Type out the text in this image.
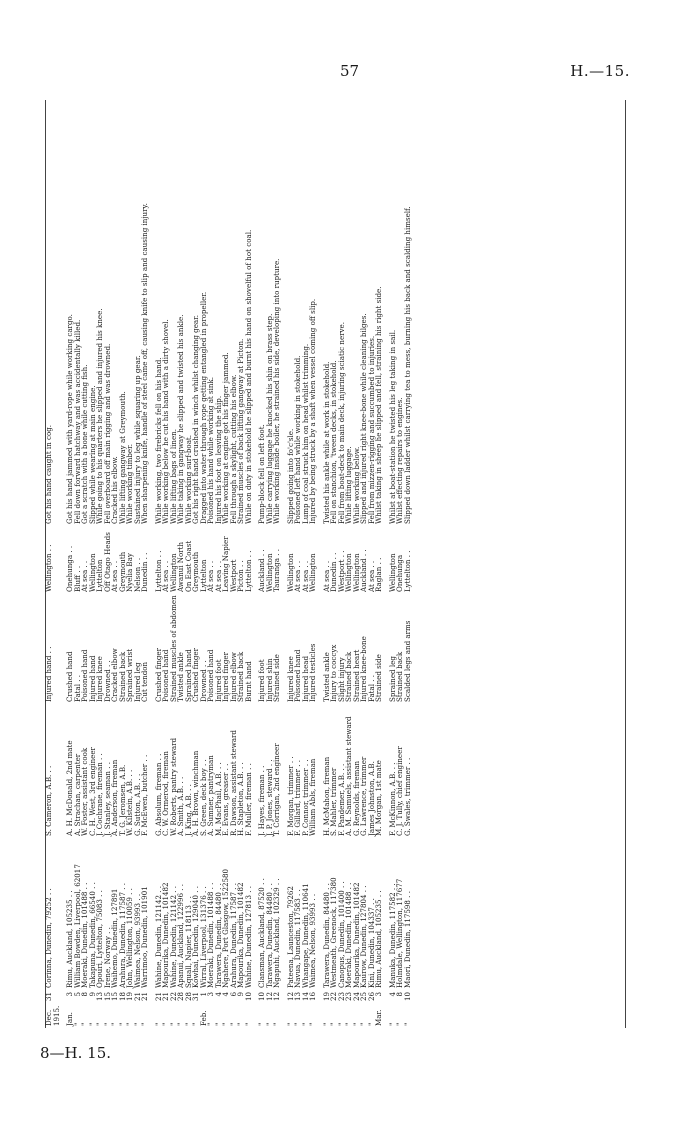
57	H.—15.
Dec.	31	Corinna, Dunedin, 79252 . .	S. Cameron, A.B. . .	Injured hand . .	Wellington . .	Got his hand caught in cog.
1915.						

Jan.	3	Rimu, Auckland, 105235 . .	A. H. McDonald, 2nd mate	Crushed hand	Onehunga . .	Got his hand jammed with yard-rope while working cargo.
"	5	William Bowden, Liverpool, 62017	A. Strachan, carpenter	Fatal . .	Bluff . .	Fell down forward hatchway and was accidentally killed.
"	8	Moeraki, Dunedin, 101488 . .	W. Foster, assistant cook	Poisoned hand	At sea . .	Got a scratch with a bone while cutting fish.
"	9	Takapuna, Dunedin, 66540 . .	C. H. West, 3rd engineer	Injured hand	Wellington	Slipped while wearing at main engine.
"	13	Opouri, Lyttelton, 75083 . .	J. Cochrane, fireman . .	Injured knee	Lyttelton	While going to his quarters he slipped and injured his knee.
"	15	Irene, Norway . .	J. Stanley, seaman . .	Drowned . .	Off Otago Heads	Fell overboard off main rigging and was drowned.
"	15	Waihemo, Dunedin, 127891	A. Anderson, fireman	Cracked elbow	At sea . .	Cracked his elbow.
"	18	Arahura, Dunedin, 117587 . .	T. G. Jeromsen, A.B.	Strained back	Greymouth	While lifting gangway at Greymouth.
"	19	John, Wellington, 110059 . .	W. Kilstein, A.B. . .	Sprained wrist	Nyelia Bay	While working timber.
"	21	Waimea, Nelson, 93993 . .	G. Sutton, A.B. . .	Injured leg	Nelson . .	Sustained injury to leg while squaring up gear.
"	21	Warrimoo, Dunedin, 101901	F. McEwen, butcher . .	Cut tendon	Dunedin . .	When sharpening knife, handle of steel came off, causing knife to slip and causing injury.

"	21	Wahine, Dunedin, 121142 . .	G. Absolum, fireman . .	Crushed finger	Lyttelton . .	While working, two firebricks fell on his hand.
"	21	Mapourika, Dunedin, 101482	C. W. Ormerod, fireman	Poisoned hand	At sea . .	While working below he cut his hand with a dirty shovel.
"	22	Wahine, Dunedin, 121142 . .	W. Roberts, pantry steward	Strained muscles of abdomen	Wellington	While lifting bags of linen.
"	28	Apanui, Auckland, 122996 . .	A. Smith, A.B. . .	Twisted ankle	Awanui North	While taking in gangway he slipped and twisted his ankle.
"	28	Squall, Napier, 118113 . .	J. King, A.B. . .	Sprained hand	On East Coast	While working surf-boat.
"	31	Kowhai, Dunedin, 129040 . .	A. H. Brown, winchman	Crushed finger	Greymouth	Got his right hand crushed in winch whilst changing gear.
Feb.	1	Wirral, Liverpool, 131376 . .	S. Green, deck boy . .	Drowned . .	Lyttelton	Dragged into water through rope getting entangled in propeller.
"	3	Moeraki, Dunedin, 101488 . .	A. Sumner, pantryman	Poisoned hand	At sea . .	Poisoned his hand while working at sink.
"	4	Tarawera, Dunedin, 84480 . .	M. MacPhail, A.B. . .	Injured foot	At sea . .	Injured his foot on leaving the ship.
"	4	Ngahere, Port Glasgow, 1522580	E. Evans, greaser . .	Injured finger	Leaving Napier	While working at engine got his finger jammed.
"	6	Arahura, Dunedin, 117587 . .	R. Dawson, assistant steward	Injured elbow	Westport	Fell through a skylight, cutting his elbow.
"	9	Mapourika, Dunedin, 101482	H. Stapleton, A.B. . .	Strained back	Picton . .	Strained muscles of back lifting gangway at Picton.
"	10	Wahine, Dunedin, 127813 . .	F. Muller, fireman . .	Burnt hand	Lyttelton . .	While on duty in stokehold he slipped and burnt his hand on shovelful of hot coal.

"	10	Clansman, Auckland, 87520 . .	J. Hayes, fireman . .	Injured foot	Auckland . .	Pump-block fell on left foot.
"	12	Tarawera, Dunedin, 84480 . .	J. P. Jones, steward . .	Injured shin	Wellington	While carrying luggage he knocked his shin on brass step.
"	12	Ngapuhi, Auckland, 102329 . .	T. Corrigan, 2nd engineer	Strained side	Tauranga . .	While working inside boiler, he strained his side, developing into rupture.

"	12	Pateena, Launceston, 79262	F. Morgan, trimmer . .	Injured knee	Wellington	Slipped going into fo'c'sle.
"	13	Navua, Dunedin, 117583 . .	F. Gillard, trimmer . .	Poisoned hand	At sea . .	Poisoned left hand while working in stokehold.
"	14	Whangape, Dunedin, 110641	P. Connor, trimmer . .	Injured head	At sea . .	Lump of coal struck him on head whilst trimming.
"	16	Waimea, Nelson, 93993 . .	William Abls, fireman	Injured testicles	Wellington	Injured by being struck by a shaft when vessel coming off slip.

"	19	Tarawera, Dunedin, 84480 . .	H. McMahon, fireman	Twisted ankle	At sea . .	Twisted his ankle while at work in stokehold.
"	22	Westmeath, Greenock, 117380	S. Mahler, trimmer	Injury to coccyx	Dunedin . .	Fell on stanchion, 'tween decks, in stokehold.
"	23	Canopus, Dunedin, 101400 . .	F. Pandemer, A.B. . .	Slight injury	Westport . .	Fell from boat-deck to main deck, injuring sciatic nerve.
"	23	Moeraki, Dunedin, 101488 . .	A. M. Samuels, assistant steward	Strained back	Wellington	While lifting luggage.
"	24	Mapourika, Dunedin, 101482	G. Reynolds, fireman	Strained heart	Wellington	While working below.
"	25	Kaurow, Dunedin, 127804 . .	G. Lawrence, trimmer	Injured knee-bone	Auckland . .	Slipped and injured right knee-bone while cleaning bilges.
"	26	Kini, Dunedin, 104337 . .	James Johnston, A.B.	Fatal . .	At sea . .	Fell from mizzen-rigging and succumbed to injuries.
Mar.	3	Rimu, Auckland, 105235 . .	M. Morgan, 1st mate	Strained side	Raglan . .	Whilst taking in sheep he slipped and fell, straining his right side.

"	4	Manuka, Dunedin, 117582 . .	F. McKinnon, A.B. . .	Sprained leg	Wellington	Whilst at boat-station he twisted his leg taking in sail.
"	8	Holmdale, Wellington, 117677	C. J. Tully, chief engineer	Strained back	Onehunga	Whilst effecting repairs to engines.
"	10	Maori, Dunedin, 117598 . .	G. Swales, trimmer . .	Scalded legs and arms	Lyttelton . .	Slipped down ladder whilst carrying tea to mess, burning his back and scalding himself.
8—H. 15.
